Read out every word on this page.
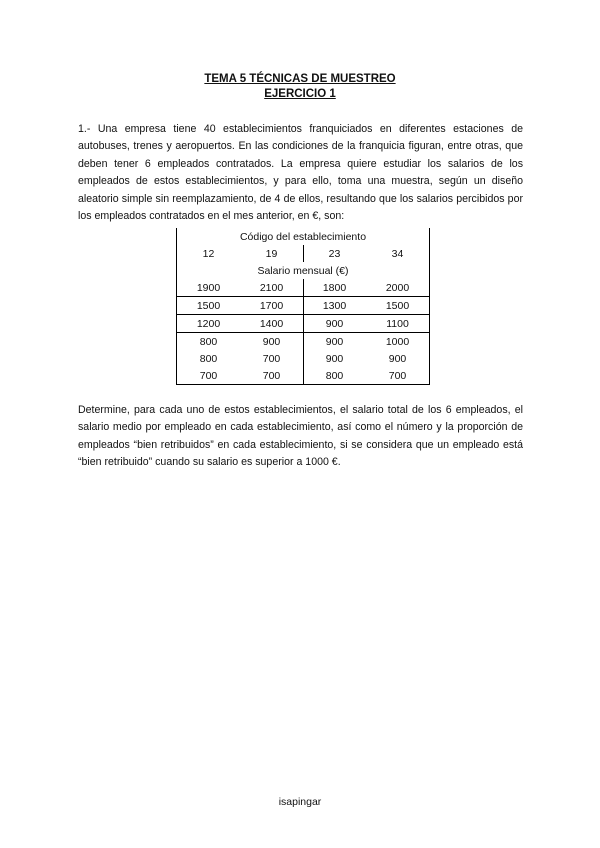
TEMA 5 TÉCNICAS DE MUESTREO
EJERCICIO 1
1.- Una empresa tiene 40 establecimientos franquiciados en diferentes estaciones de autobuses, trenes y aeropuertos. En las condiciones de la franquicia figuran, entre otras, que deben tener 6 empleados contratados. La empresa quiere estudiar los salarios de los empleados de estos establecimientos, y para ello, toma una muestra, según un diseño aleatorio simple sin reemplazamiento, de 4 de ellos, resultando que los salarios percibidos por los empleados contratados en el mes anterior, en €, son:
Código del establecimiento
12	19	23	34
Salario mensual (€)
1900	2100	1800	2000
1500	1700	1300	1500
1200	1400	900	1100
800	900	900	1000
800	700	900	900
700	700	800	700
Determine, para cada uno de estos establecimientos, el salario total de los 6 empleados, el salario medio por empleado en cada establecimiento, así como el número y la proporción de empleados “bien retribuidos” en cada establecimiento, si se considera que un empleado está “bien retribuido” cuando su salario es superior a 1000 €.
isapingar
